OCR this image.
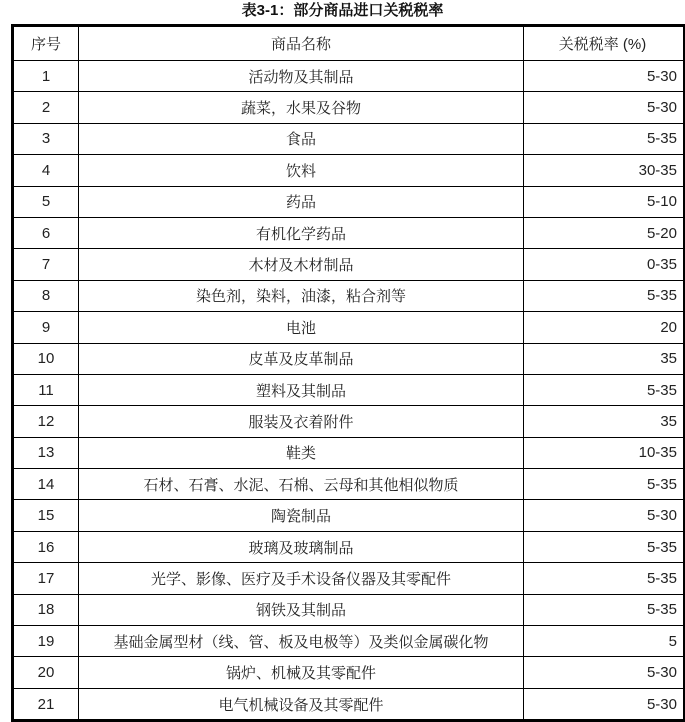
表3-1：部分商品进口关税税率
序号	商品名称	关税税率 (%)
1	活动物及其制品	5-30
2	蔬菜，水果及谷物	5-30
3	食品	5-35
4	饮料	30-35
5	药品	5-10
6	有机化学药品	5-20
7	木材及木材制品	0-35
8	染色剂，染料，油漆，粘合剂等	5-35
9	电池	20
10	皮革及皮革制品	35
11	塑料及其制品	5-35
12	服装及衣着附件	35
13	鞋类	10-35
14	石材、石膏、水泥、石棉、云母和其他相似物质	5-35
15	陶瓷制品	5-30
16	玻璃及玻璃制品	5-35
17	光学、影像、医疗及手术设备仪器及其零配件	5-35
18	钢铁及其制品	5-35
19	基础金属型材（线、管、板及电极等）及类似金属碳化物	5
20	锅炉、机械及其零配件	5-30
21	电气机械设备及其零配件	5-30
